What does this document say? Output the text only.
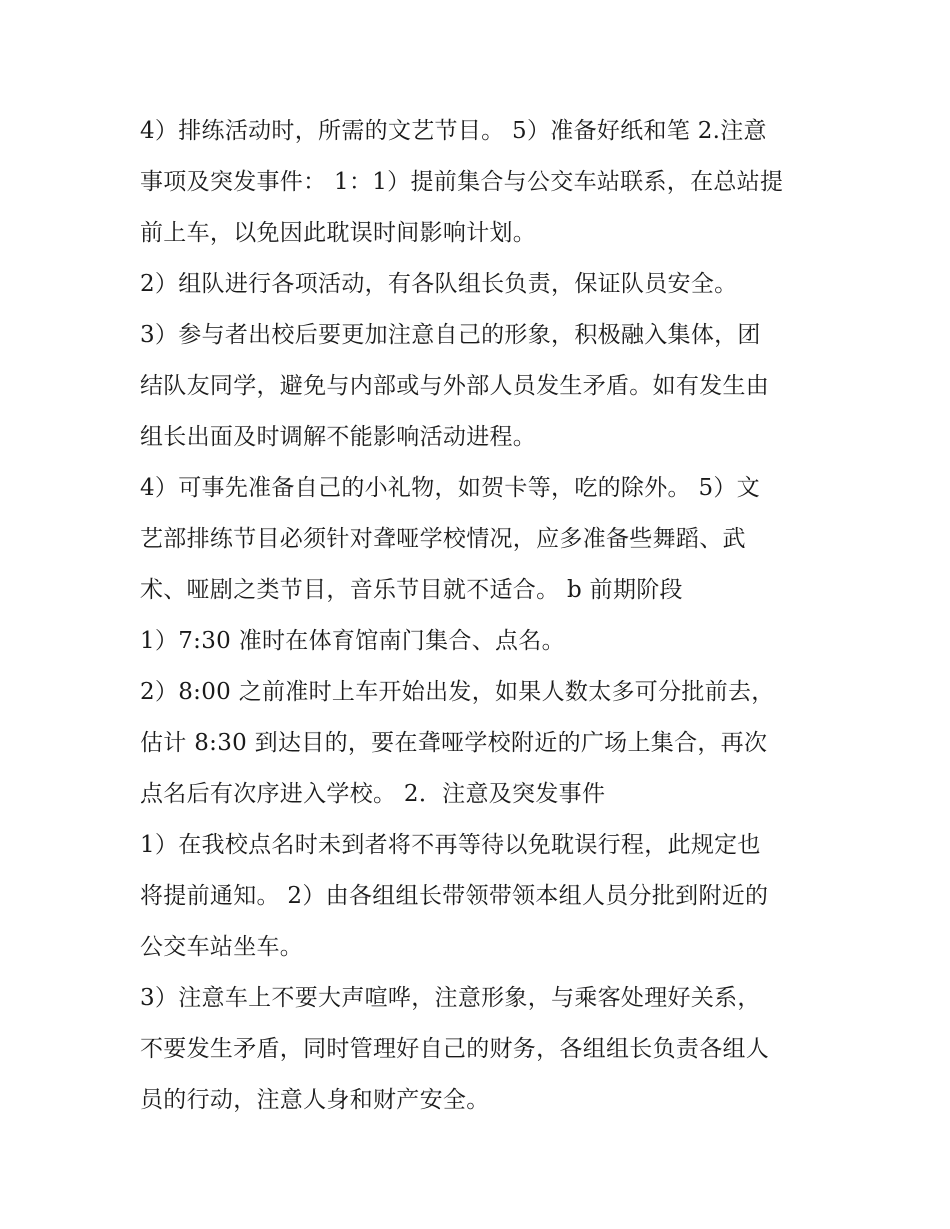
4）排练活动时，所需的文艺节目。 5）准备好纸和笔 2.注意
事项及突发事件： 1：1）提前集合与公交车站联系，在总站提
前上车，以免因此耽误时间影响计划。
2）组队进行各项活动，有各队组长负责，保证队员安全。
3）参与者出校后要更加注意自己的形象，积极融入集体，团
结队友同学，避免与内部或与外部人员发生矛盾。如有发生由
组长出面及时调解不能影响活动进程。
4）可事先准备自己的小礼物，如贺卡等，吃的除外。 5）文
艺部排练节目必须针对聋哑学校情况，应多准备些舞蹈、武
术、哑剧之类节目，音乐节目就不适合。 b 前期阶段
1）7:30 准时在体育馆南门集合、点名。
2）8:00 之前准时上车开始出发，如果人数太多可分批前去，
估计 8:30 到达目的，要在聋哑学校附近的广场上集合，再次
点名后有次序进入学校。 2．注意及突发事件
1）在我校点名时未到者将不再等待以免耽误行程，此规定也
将提前通知。 2）由各组组长带领带领本组人员分批到附近的
公交车站坐车。
3）注意车上不要大声喧哗，注意形象，与乘客处理好关系，
不要发生矛盾，同时管理好自己的财务，各组组长负责各组人
员的行动，注意人身和财产安全。
